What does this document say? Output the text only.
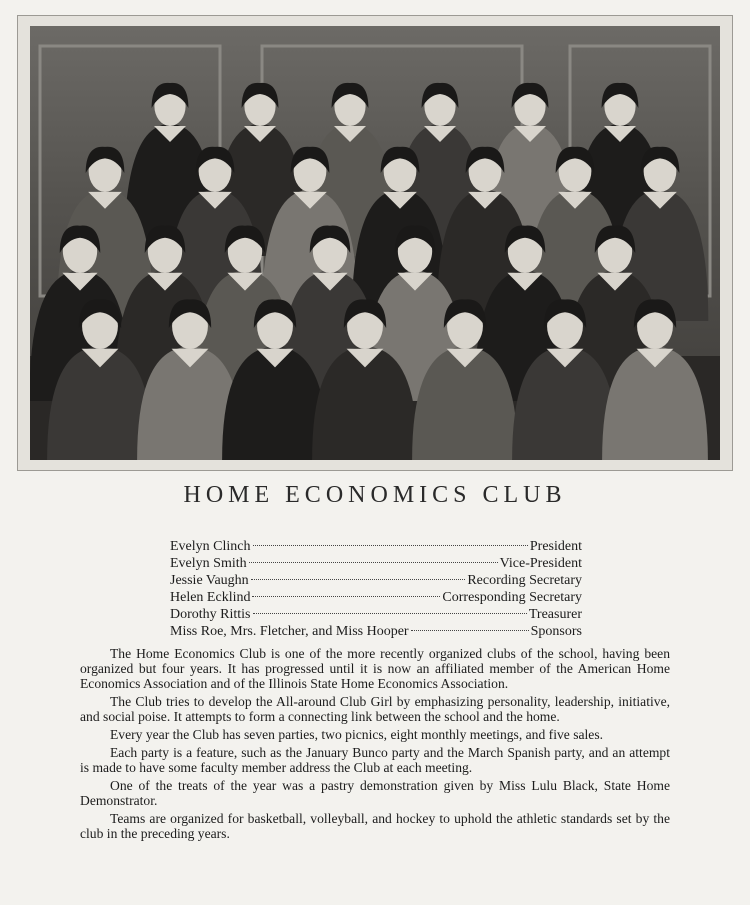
HOME ECONOMICS CLUB
Evelyn Clinch	President
Evelyn Smith	Vice-President
Jessie Vaughn	Recording Secretary
Helen Ecklind	Corresponding Secretary
Dorothy Rittis	Treasurer
Miss Roe, Mrs. Fletcher, and Miss Hooper	Sponsors

The Home Economics Club is one of the more recently organized clubs of the school, having been organized but four years. It has progressed until it is now an affiliated member of the American Home Economics Association and of the Illinois State Home Economics Association.

The Club tries to develop the All-around Club Girl by emphasizing personality, leadership, initiative, and social poise. It attempts to form a connecting link between the school and the home.

Every year the Club has seven parties, two picnics, eight monthly meetings, and five sales.

Each party is a feature, such as the January Bunco party and the March Spanish party, and an attempt is made to have some faculty member address the Club at each meeting.

One of the treats of the year was a pastry demonstration given by Miss Lulu Black, State Home Demonstrator.

Teams are organized for basketball, volleyball, and hockey to uphold the athletic standards set by the club in the preceding years.
